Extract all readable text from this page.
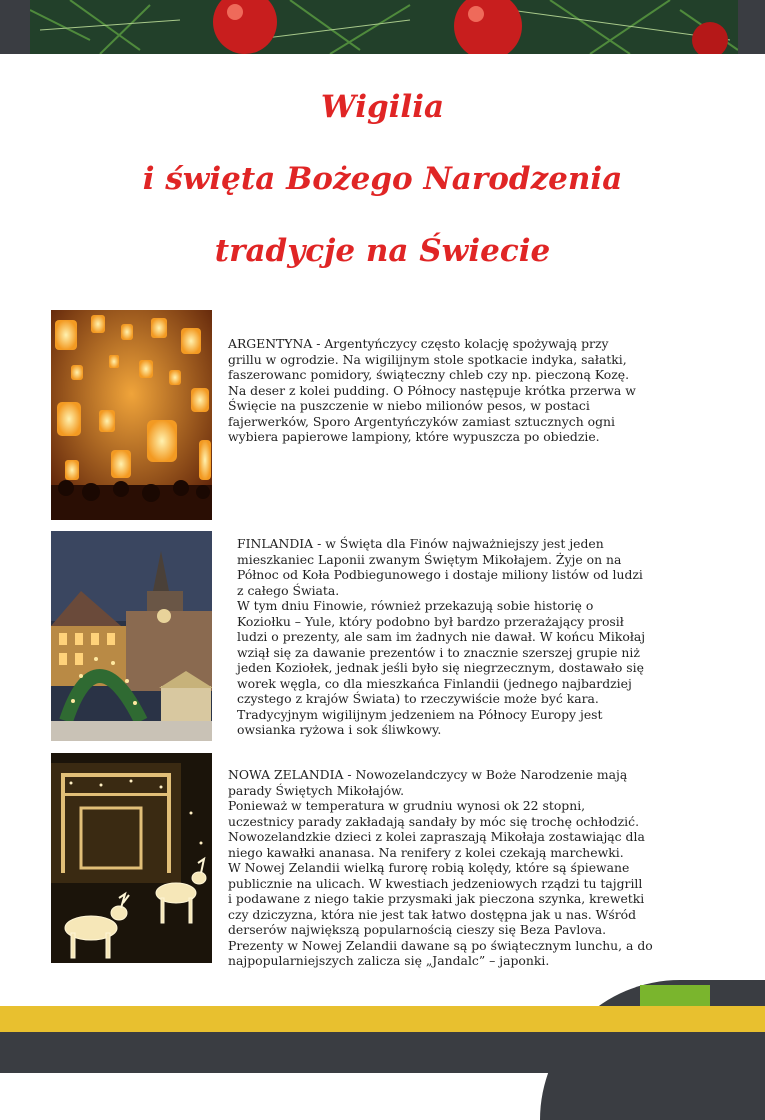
Wigilia
i święta Bożego Narodzenia
tradycje na Świecie

ARGENTYNA - Argentyńczycy często kolację spożywają przy
grillu w ogrodzie. Na wigilijnym stole spotkacie indyka, sałatki,
faszerowanc pomidory, świąteczny chleb czy np. pieczoną Kozę.
Na deser z kolei pudding. O Północy następuje krótka przerwa w
Święcie na puszczenie w niebo milionów pesos, w postaci
fajerwerków, Sporo Argentyńczyków zamiast sztucznych ogni
wybiera papierowe lampiony, które wypuszcza po obiedzie.

FINLANDIA - w Święta dla Finów najważniejszy jest jeden
mieszkaniec Laponii zwanym Świętym Mikołajem. Żyje on na
Północ od Koła Podbiegunowego i dostaje miliony listów od ludzi
z całego Świata.
W tym dniu Finowie, również przekazują sobie historię o
Koziołku – Yule, który podobno był bardzo przerażający prosił
ludzi o prezenty, ale sam im żadnych nie dawał. W końcu Mikołaj
wziął się za dawanie prezentów i to znacznie szerszej grupie niż
jeden Koziołek, jednak jeśli było się niegrzecznym, dostawało się
worek węgla, co dla mieszkańca Finlandii (jednego najbardziej
czystego z krajów Świata) to rzeczywiście może być kara.
Tradycyjnym wigilijnym jedzeniem na Północy Europy jest
owsianka ryżowa i sok śliwkowy.

NOWA ZELANDIA - Nowozelandczycy w Boże Narodzenie mają
parady Świętych Mikołajów.
Ponieważ w temperatura w grudniu wynosi ok 22 stopni,
uczestnicy parady zakładają sandały by móc się trochę ochłodzić.
Nowozelandzkie dzieci z kolei zapraszają Mikołaja zostawiając dla
niego kawałki ananasa. Na renifery z kolei czekają marchewki.
W Nowej Zelandii wielką furorę robią kolędy, które są śpiewane
publicznie na ulicach. W kwestiach jedzeniowych rządzi tu tajgrill
i podawane z niego takie przysmaki jak pieczona szynka, krewetki
czy dziczyzna, która nie jest tak łatwo dostępna jak u nas. Wśród
derserów największą popularnością cieszy się Beza Pavlova.
Prezenty w Nowej Zelandii dawane są po świątecznym lunchu, a do
najpopularniejszych zalicza się „Jandalc” – japonki.
